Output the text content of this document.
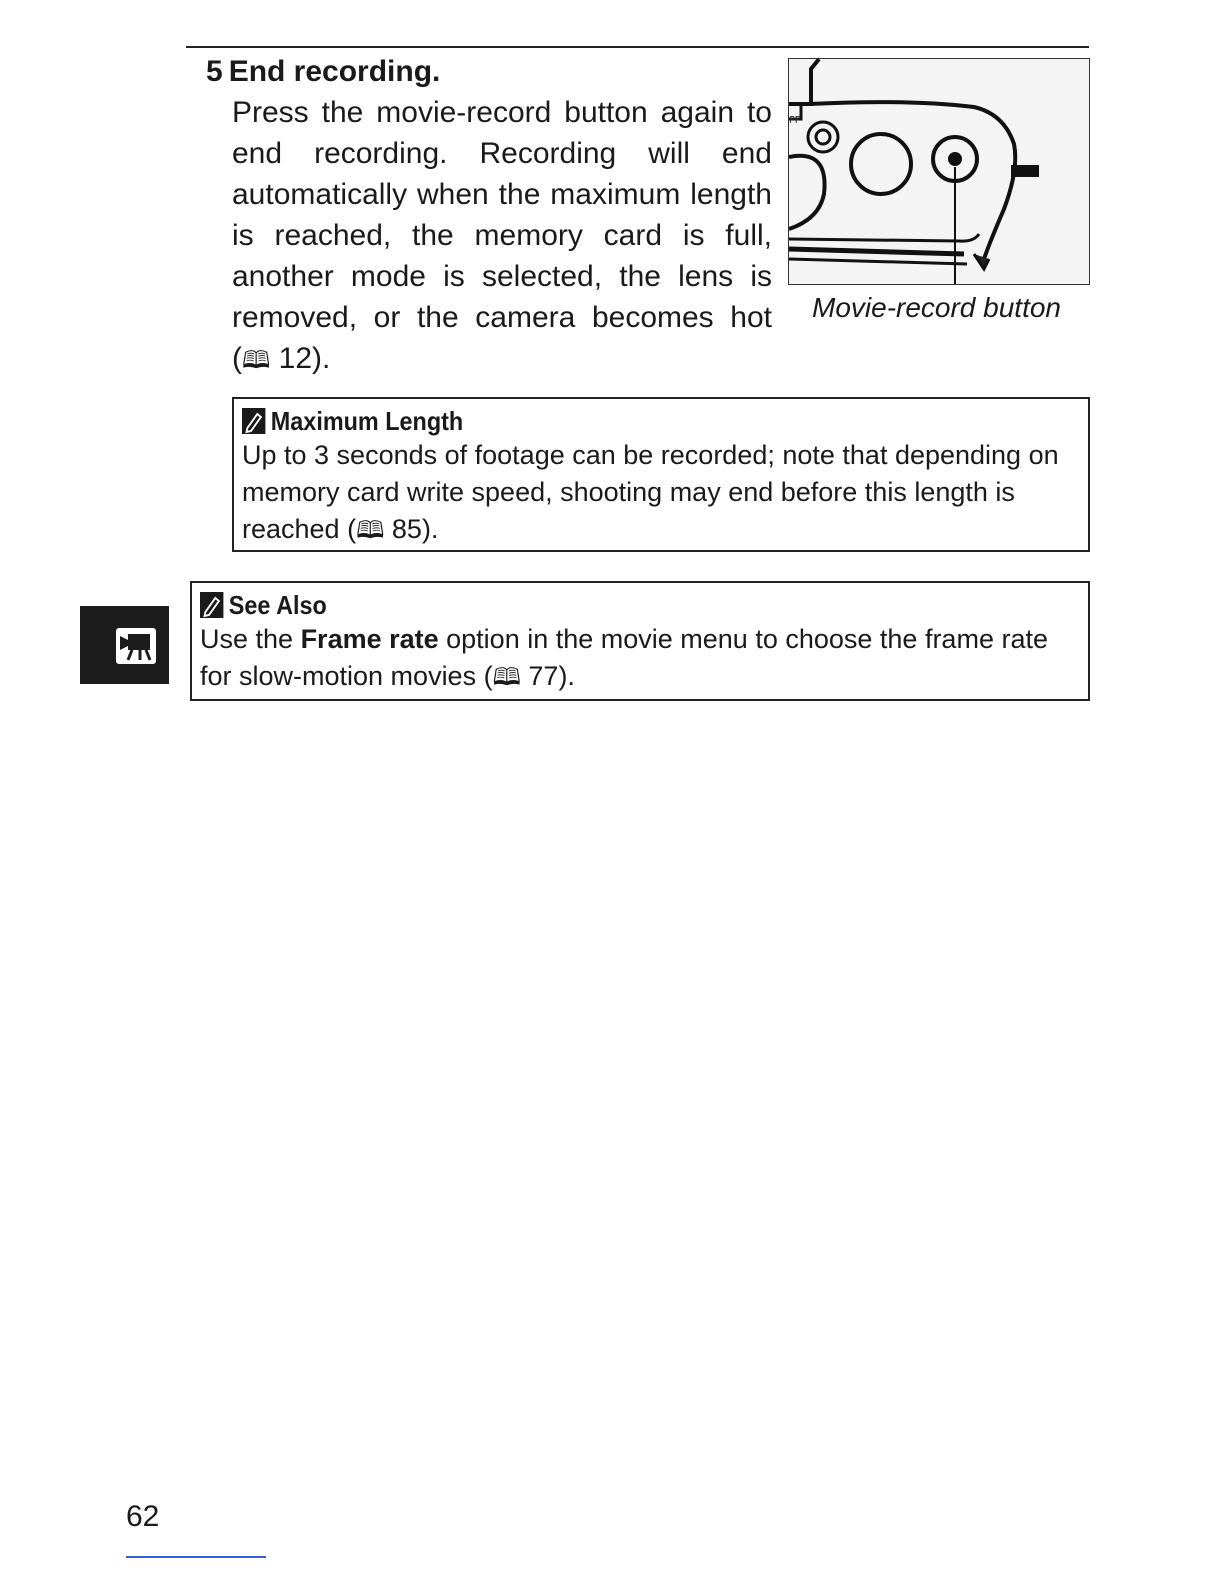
5 End recording.

Press the movie-record button again to end recording. Recording will end automatically when the maximum length is reached, the memory card is full, another mode is selected, the lens is removed, or the camera becomes hot (🕮 12).
FF
Movie-record button
Maximum Length
Up to 3 seconds of footage can be recorded; note that depending on memory card write speed, shooting may end before this length is reached (🕮 85).
See Also
Use the Frame rate option in the movie menu to choose the frame rate for slow-motion movies (🕮 77).
62
